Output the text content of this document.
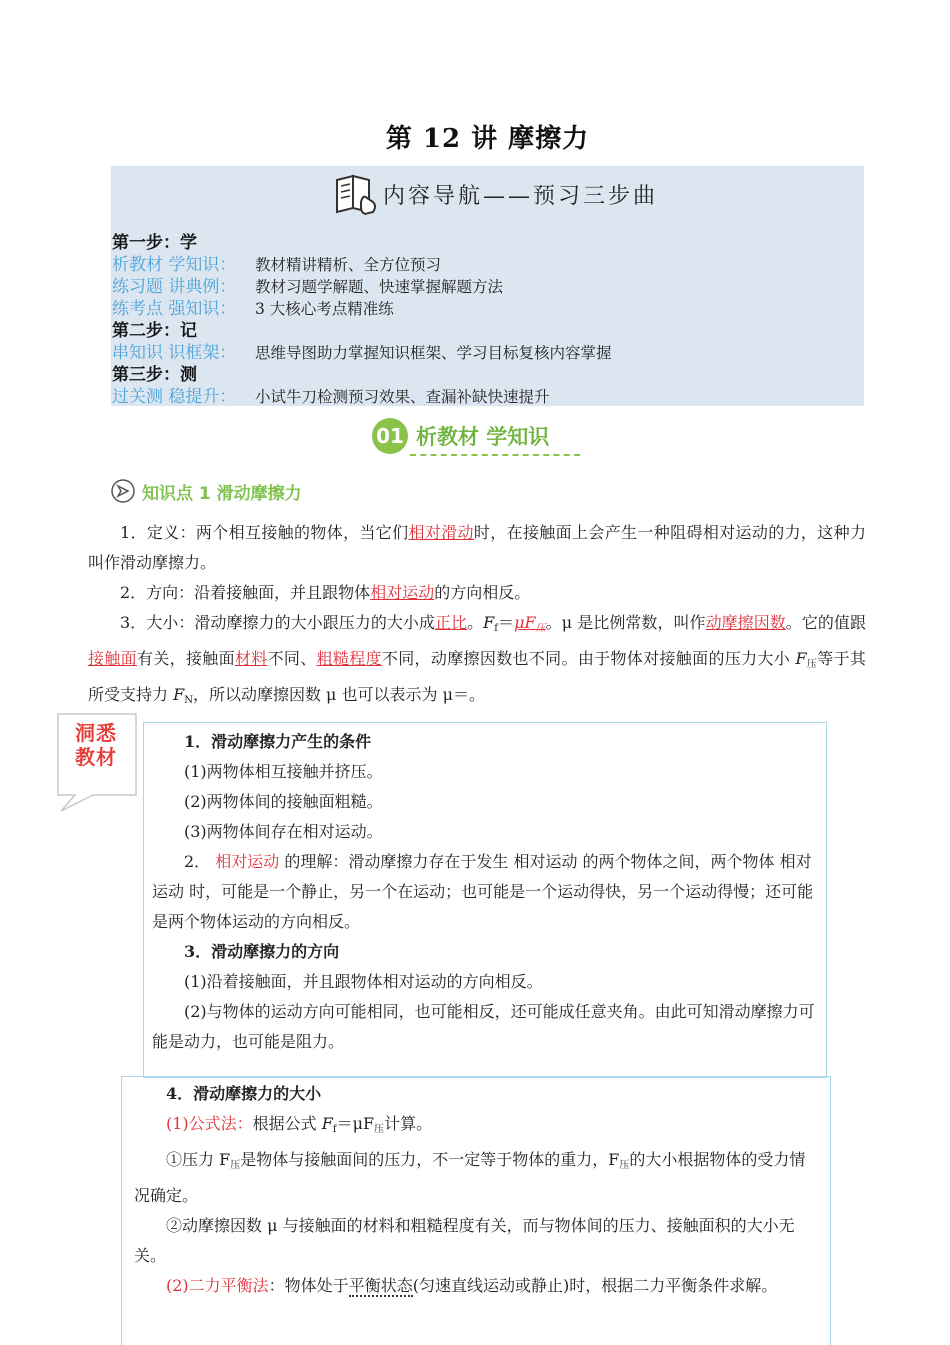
第 12 讲 摩擦力
内容导航——预习三步曲
第一步：学
析教材 学知识：	教材精讲精析、全方位预习
练习题 讲典例：	教材习题学解题、快速掌握解题方法
练考点 强知识：	3 大核心考点精准练
第二步：记
串知识 识框架：	思维导图助力掌握知识框架、学习目标复核内容掌握
第三步：测
过关测 稳提升：	小试牛刀检测预习效果、查漏补缺快速提升
01 析教材 学知识
知识点 1 滑动摩擦力

1．定义：两个相互接触的物体，当它们相对滑动时，在接触面上会产生一种阻碍相对运动的力，这种力叫作滑动摩擦力。

2．方向：沿着接触面，并且跟物体相对运动的方向相反。

3．大小：滑动摩擦力的大小跟压力的大小成正比。$F_f=\mu F_压$。μ 是比例常数，叫作动摩擦因数。它的值跟接触面有关，接触面材料不同、粗糙程度不同，动摩擦因数也不同。由于物体对接触面的压力大小 $F_压$等于其所受支持力 $F_N$，所以动摩擦因数 μ 也可以表示为 μ＝。

洞悉教材

1．滑动摩擦力产生的条件

(1)两物体相互接触并挤压。

(2)两物体间的接触面粗糙。

(3)两物体间存在相对运动。

2． 相对运动 的理解：滑动摩擦力存在于发生 相对运动 的两个物体之间，两个物体 相对运动 时，可能是一个静止，另一个在运动；也可能是一个运动得快，另一个运动得慢；还可能是两个物体运动的方向相反。

3．滑动摩擦力的方向

(1)沿着接触面，并且跟物体相对运动的方向相反。

(2)与物体的运动方向可能相同，也可能相反，还可能成任意夹角。由此可知滑动摩擦力可能是动力，也可能是阻力。

4．滑动摩擦力的大小

(1)公式法：根据公式 $F_f=\mu F_压$计算。

①压力 $F_压$是物体与接触面间的压力，不一定等于物体的重力，$F_压$的大小根据物体的受力情况确定。

②动摩擦因数 μ 与接触面的材料和粗糙程度有关，而与物体间的压力、接触面积的大小无关。

(2)二力平衡法：物体处于平衡状态(匀速直线运动或静止)时，根据二力平衡条件求解。
